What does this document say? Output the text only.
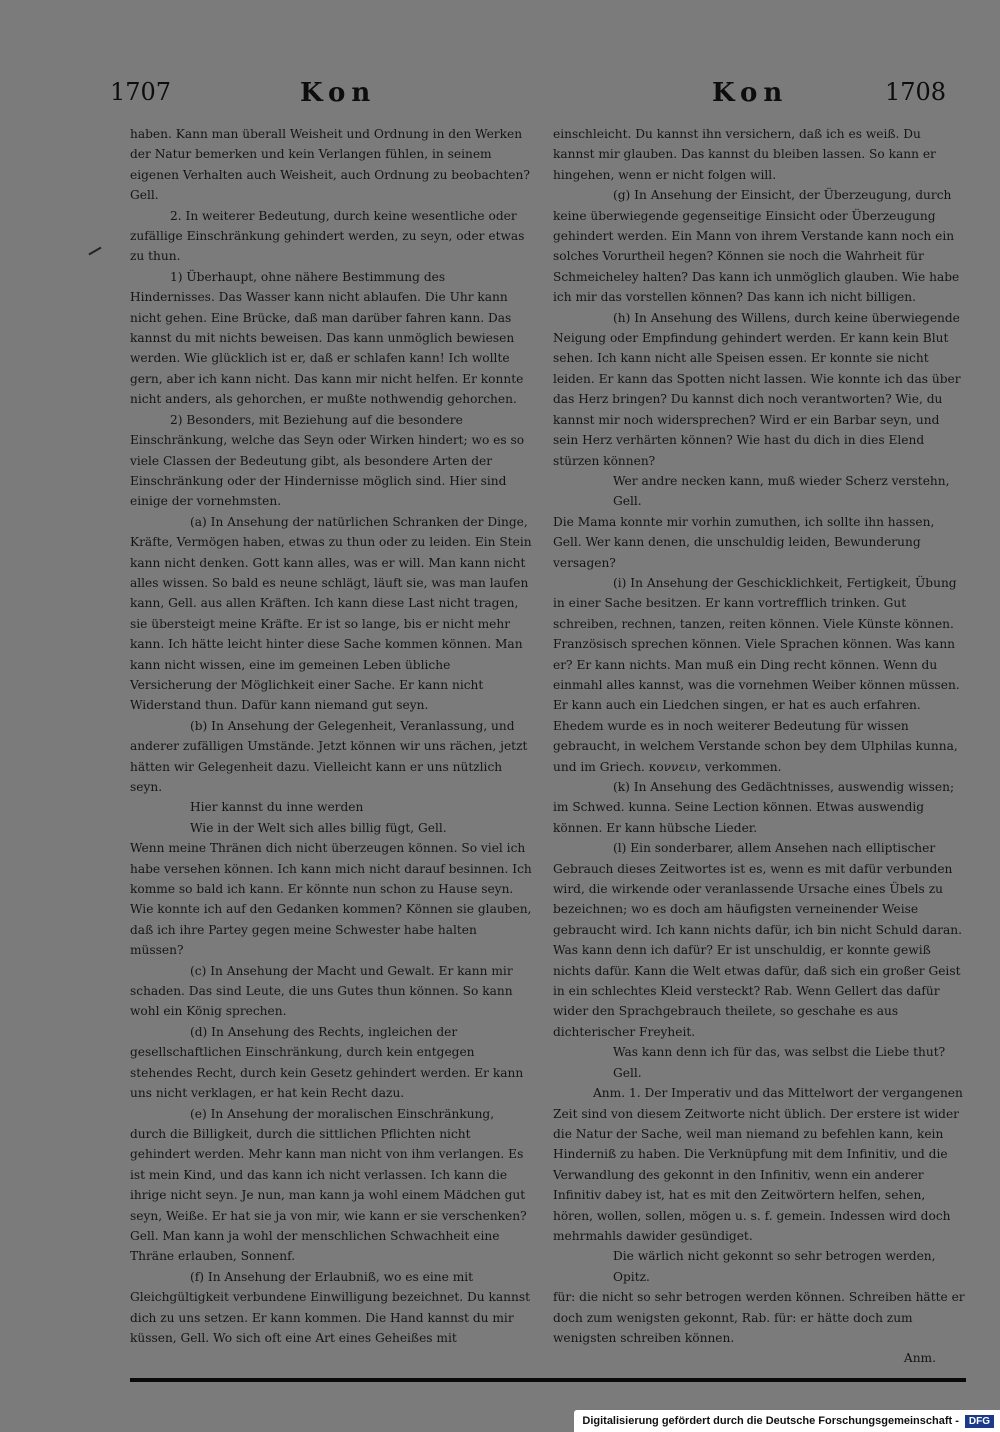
1707	Kon	Kon	1708

haben. Kann man überall Weisheit und Ordnung in den Werken der Natur bemerken und kein Verlangen fühlen, in seinem eigenen Verhalten auch Weisheit, auch Ordnung zu beobachten? Gell.

2. In weiterer Bedeutung, durch keine wesentliche oder zufällige Einschränkung gehindert werden, zu seyn, oder etwas zu thun.

1) Überhaupt, ohne nähere Bestimmung des Hindernisses. Das Wasser kann nicht ablaufen. Die Uhr kann nicht gehen. Eine Brücke, daß man darüber fahren kann. Das kannst du mit nichts beweisen. Das kann unmöglich bewiesen werden. Wie glücklich ist er, daß er schlafen kann! Ich wollte gern, aber ich kann nicht. Das kann mir nicht helfen. Er konnte nicht anders, als gehorchen, er mußte nothwendig gehorchen.

2) Besonders, mit Beziehung auf die besondere Einschränkung, welche das Seyn oder Wirken hindert; wo es so viele Classen der Bedeutung gibt, als besondere Arten der Einschränkung oder der Hindernisse möglich sind. Hier sind einige der vornehmsten.

(a) In Ansehung der natürlichen Schranken der Dinge, Kräfte, Vermögen haben, etwas zu thun oder zu leiden. Ein Stein kann nicht denken. Gott kann alles, was er will. Man kann nicht alles wissen. So bald es neune schlägt, läuft sie, was man laufen kann, Gell. aus allen Kräften. Ich kann diese Last nicht tragen, sie übersteigt meine Kräfte. Er ist so lange, bis er nicht mehr kann. Ich hätte leicht hinter diese Sache kommen können. Man kann nicht wissen, eine im gemeinen Leben übliche Versicherung der Möglichkeit einer Sache. Er kann nicht Widerstand thun. Dafür kann niemand gut seyn.

(b) In Ansehung der Gelegenheit, Veranlassung, und anderer zufälligen Umstände. Jetzt können wir uns rächen, jetzt hätten wir Gelegenheit dazu. Vielleicht kann er uns nützlich seyn.

Hier kannst du inne werden

Wie in der Welt sich alles billig fügt, Gell.

Wenn meine Thränen dich nicht überzeugen können. So viel ich habe versehen können. Ich kann mich nicht darauf besinnen. Ich komme so bald ich kann. Er könnte nun schon zu Hause seyn. Wie konnte ich auf den Gedanken kommen? Können sie glauben, daß ich ihre Partey gegen meine Schwester habe halten müssen?

(c) In Ansehung der Macht und Gewalt. Er kann mir schaden. Das sind Leute, die uns Gutes thun können. So kann wohl ein König sprechen.

(d) In Ansehung des Rechts, ingleichen der gesellschaftlichen Einschränkung, durch kein entgegen stehendes Recht, durch kein Gesetz gehindert werden. Er kann uns nicht verklagen, er hat kein Recht dazu.

(e) In Ansehung der moralischen Einschränkung, durch die Billigkeit, durch die sittlichen Pflichten nicht gehindert werden. Mehr kann man nicht von ihm verlangen. Es ist mein Kind, und das kann ich nicht verlassen. Ich kann die ihrige nicht seyn. Je nun, man kann ja wohl einem Mädchen gut seyn, Weiße. Er hat sie ja von mir, wie kann er sie verschenken? Gell. Man kann ja wohl der menschlichen Schwachheit eine Thräne erlauben, Sonnenf.

(f) In Ansehung der Erlaubniß, wo es eine mit Gleichgültigkeit verbundene Einwilligung bezeichnet. Du kannst dich zu uns setzen. Er kann kommen. Die Hand kannst du mir küssen, Gell. Wo sich oft eine Art eines Geheißes mit

einschleicht. Du kannst ihn versichern, daß ich es weiß. Du kannst mir glauben. Das kannst du bleiben lassen. So kann er hingehen, wenn er nicht folgen will.

(g) In Ansehung der Einsicht, der Überzeugung, durch keine überwiegende gegenseitige Einsicht oder Überzeugung gehindert werden. Ein Mann von ihrem Verstande kann noch ein solches Vorurtheil hegen? Können sie noch die Wahrheit für Schmeicheley halten? Das kann ich unmöglich glauben. Wie habe ich mir das vorstellen können? Das kann ich nicht billigen.

(h) In Ansehung des Willens, durch keine überwiegende Neigung oder Empfindung gehindert werden. Er kann kein Blut sehen. Ich kann nicht alle Speisen essen. Er konnte sie nicht leiden. Er kann das Spotten nicht lassen. Wie konnte ich das über das Herz bringen? Du kannst dich noch verantworten? Wie, du kannst mir noch widersprechen? Wird er ein Barbar seyn, und sein Herz verhärten können? Wie hast du dich in dies Elend stürzen können?

Wer andre necken kann, muß wieder Scherz verstehn, Gell.

Die Mama konnte mir vorhin zumuthen, ich sollte ihn hassen, Gell. Wer kann denen, die unschuldig leiden, Bewunderung versagen?

(i) In Ansehung der Geschicklichkeit, Fertigkeit, Übung in einer Sache besitzen. Er kann vortrefflich trinken. Gut schreiben, rechnen, tanzen, reiten können. Viele Künste können. Französisch sprechen können. Viele Sprachen können. Was kann er? Er kann nichts. Man muß ein Ding recht können. Wenn du einmahl alles kannst, was die vornehmen Weiber können müssen. Er kann auch ein Liedchen singen, er hat es auch erfahren. Ehedem wurde es in noch weiterer Bedeutung für wissen gebraucht, in welchem Verstande schon bey dem Ulphilas kunna, und im Griech. κοννειν, verkommen.

(k) In Ansehung des Gedächtnisses, auswendig wissen; im Schwed. kunna. Seine Lection können. Etwas auswendig können. Er kann hübsche Lieder.

(l) Ein sonderbarer, allem Ansehen nach elliptischer Gebrauch dieses Zeitwortes ist es, wenn es mit dafür verbunden wird, die wirkende oder veranlassende Ursache eines Übels zu bezeichnen; wo es doch am häufigsten verneinender Weise gebraucht wird. Ich kann nichts dafür, ich bin nicht Schuld daran. Was kann denn ich dafür? Er ist unschuldig, er konnte gewiß nichts dafür. Kann die Welt etwas dafür, daß sich ein großer Geist in ein schlechtes Kleid versteckt? Rab. Wenn Gellert das dafür wider den Sprachgebrauch theilete, so geschahe es aus dichterischer Freyheit.

Was kann denn ich für das, was selbst die Liebe thut? Gell.

Anm. 1. Der Imperativ und das Mittelwort der vergangenen Zeit sind von diesem Zeitworte nicht üblich. Der erstere ist wider die Natur der Sache, weil man niemand zu befehlen kann, kein Hinderniß zu haben. Die Verknüpfung mit dem Infinitiv, und die Verwandlung des gekonnt in den Infinitiv, wenn ein anderer Infinitiv dabey ist, hat es mit den Zeitwörtern helfen, sehen, hören, wollen, sollen, mögen u. s. f. gemein. Indessen wird doch mehrmahls dawider gesündiget.

Die wärlich nicht gekonnt so sehr betrogen werden, Opitz.

für: die nicht so sehr betrogen werden können. Schreiben hätte er doch zum wenigsten gekonnt, Rab. für: er hätte doch zum wenigsten schreiben können.

Anm.

Digitalisierung gefördert durch die Deutsche Forschungsgemeinschaft -	DFG
